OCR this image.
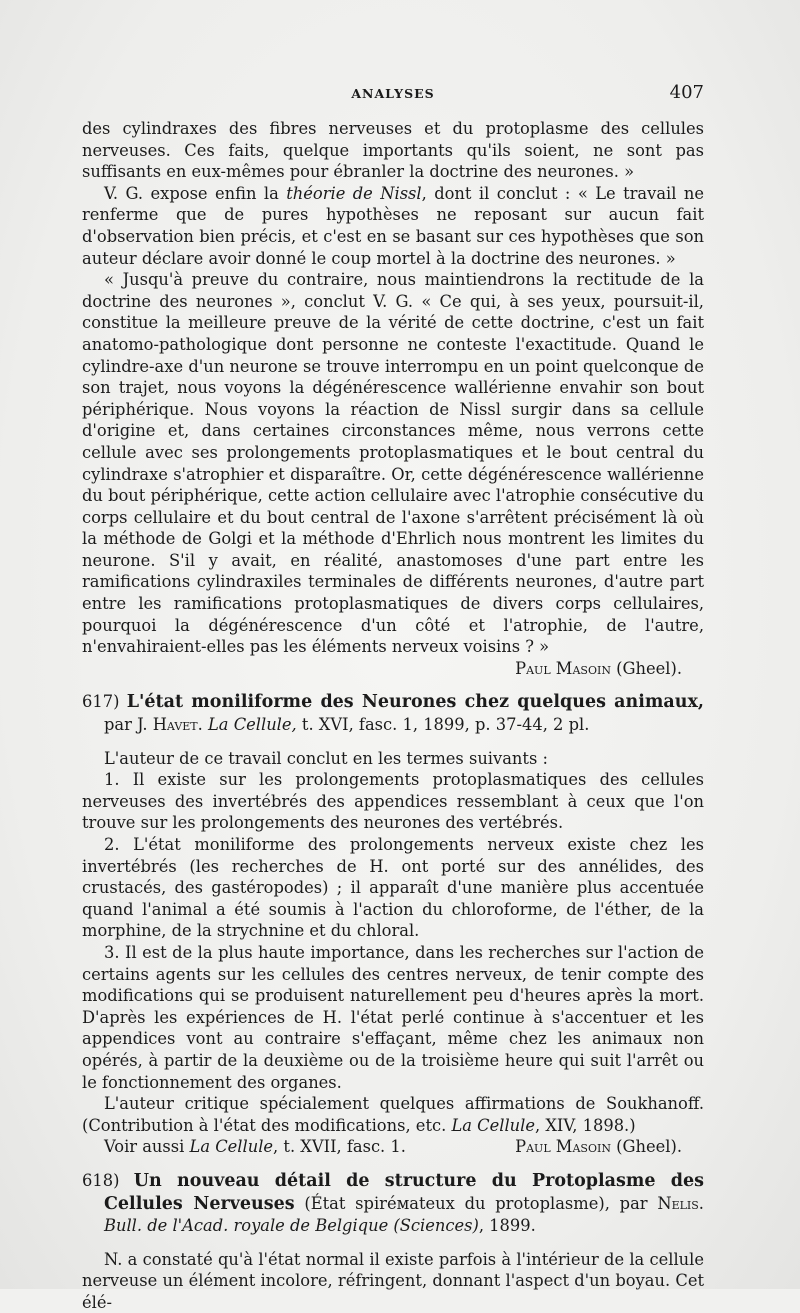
ANALYSES	407

des cylindraxes des fibres nerveuses et du protoplasme des cellules nerveuses. Ces faits, quelque importants qu'ils soient, ne sont pas suffisants en eux-mêmes pour ébranler la doctrine des neurones. »

V. G. expose enfin la théorie de Nissl, dont il conclut : « Le travail ne renferme que de pures hypothèses ne reposant sur aucun fait d'observation bien précis, et c'est en se basant sur ces hypothèses que son auteur déclare avoir donné le coup mortel à la doctrine des neurones. »

« Jusqu'à preuve du contraire, nous maintiendrons la rectitude de la doctrine des neurones », conclut V. G. « Ce qui, à ses yeux, poursuit-il, constitue la meilleure preuve de la vérité de cette doctrine, c'est un fait anatomo-pathologique dont personne ne conteste l'exactitude. Quand le cylindre-axe d'un neurone se trouve interrompu en un point quelconque de son trajet, nous voyons la dégénérescence wallérienne envahir son bout périphérique. Nous voyons la réaction de Nissl surgir dans sa cellule d'origine et, dans certaines circonstances même, nous verrons cette cellule avec ses prolongements protoplasmatiques et le bout central du cylindraxe s'atrophier et disparaître. Or, cette dégénérescence wallérienne du bout périphérique, cette action cellulaire avec l'atrophie consécutive du corps cellulaire et du bout central de l'axone s'arrêtent précisément là où la méthode de Golgi et la méthode d'Ehrlich nous montrent les limites du neurone. S'il y avait, en réalité, anastomoses d'une part entre les ramifications cylindraxiles terminales de différents neurones, d'autre part entre les ramifications protoplasmatiques de divers corps cellulaires, pourquoi la dégénérescence d'un côté et l'atrophie, de l'autre, n'envahiraient-elles pas les éléments nerveux voisins ? »

Paul Masoin (Gheel).

617) L'état moniliforme des Neurones chez quelques animaux, par J. Havet. La Cellule, t. XVI, fasc. 1, 1899, p. 37-44, 2 pl.

L'auteur de ce travail conclut en les termes suivants :

1. Il existe sur les prolongements protoplasmatiques des cellules nerveuses des invertébrés des appendices ressemblant à ceux que l'on trouve sur les prolongements des neurones des vertébrés.

2. L'état moniliforme des prolongements nerveux existe chez les invertébrés (les recherches de H. ont porté sur des annélides, des crustacés, des gastéropodes) ; il apparaît d'une manière plus accentuée quand l'animal a été soumis à l'action du chloroforme, de l'éther, de la morphine, de la strychnine et du chloral.

3. Il est de la plus haute importance, dans les recherches sur l'action de certains agents sur les cellules des centres nerveux, de tenir compte des modifications qui se produisent naturellement peu d'heures après la mort. D'après les expériences de H. l'état perlé continue à s'accentuer et les appendices vont au contraire s'effaçant, même chez les animaux non opérés, à partir de la deuxième ou de la troisième heure qui suit l'arrêt ou le fonctionnement des organes.

L'auteur critique spécialement quelques affirmations de Soukhanoff. (Contribution à l'état des modifications, etc. La Cellule, XIV, 1898.)

Voir aussi La Cellule, t. XVII, fasc. 1.	Paul Masoin (Gheel).

618) Un nouveau détail de structure du Protoplasme des Cellules Nerveuses (État spiréмateux du protoplasme), par Nelis. Bull. de l'Acad. royale de Belgique (Sciences), 1899.

N. a constaté qu'à l'état normal il existe parfois à l'intérieur de la cellule nerveuse un élément incolore, réfringent, donnant l'aspect d'un boyau. Cet élé-
